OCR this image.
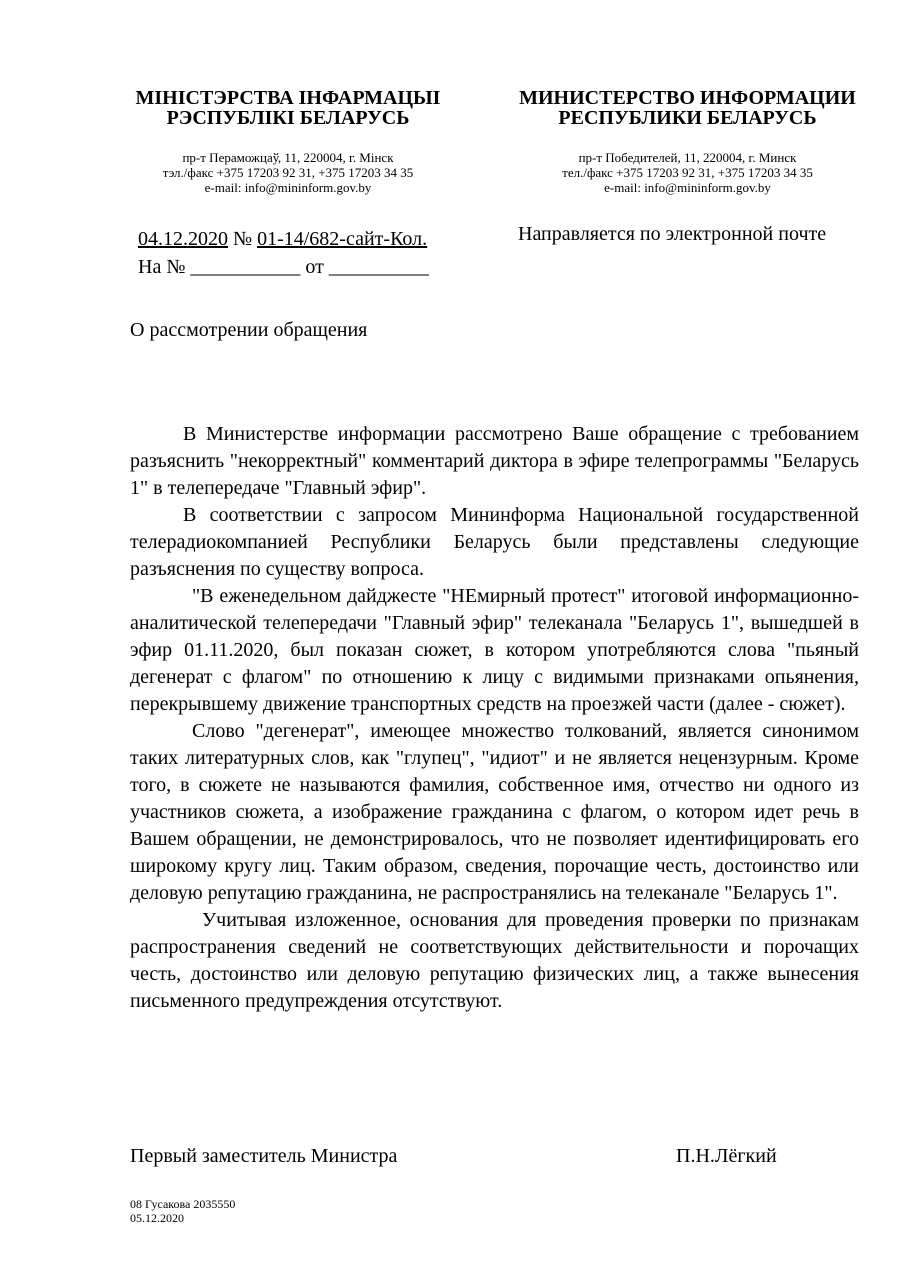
МІНІСТЭРСТВА ІНФАРМАЦЫІ
РЭСПУБЛІКІ БЕЛАРУСЬ
пр-т Пераможцаў, 11, 220004, г. Мiнск
тэл./факс +375 17203 92 31, +375 17203 34 35
e-mail: info@mininform.gov.by
МИНИСТЕРСТВО ИНФОРМАЦИИ
РЕСПУБЛИКИ БЕЛАРУСЬ
пр-т Победителей, 11, 220004, г. Минск
тел./факс +375 17203 92 31, +375 17203 34 35
e-mail: info@mininform.gov.by
04.12.2020 № 01-14/682-сайт-Кол.
На № ___________ от __________
Направляется по электронной почте
О рассмотрении обращения

В Министерстве информации рассмотрено Ваше обращение с требованием разъяснить "некорректный" комментарий диктора в эфире телепрограммы "Беларусь 1" в телепередаче "Главный эфир".

В соответствии с запросом Мининформа Национальной государственной телерадиокомпанией Республики Беларусь были представлены следующие разъяснения по существу вопроса.

"В еженедельном дайджесте "НЕмирный протест" итоговой информационно-аналитической телепередачи "Главный эфир" телеканала "Беларусь 1", вышедшей в эфир 01.11.2020, был показан сюжет, в котором употребляются слова "пьяный дегенерат с флагом" по отношению к лицу с видимыми признаками опьянения, перекрывшему движение транспортных средств на проезжей части (далее - сюжет).

Слово "дегенерат", имеющее множество толкований, является синонимом таких литературных слов, как "глупец", "идиот" и не является нецензурным. Кроме того, в сюжете не называются фамилия, собственное имя, отчество ни одного из участников сюжета, а изображение гражданина с флагом, о котором идет речь в Вашем обращении, не демонстрировалось, что не позволяет идентифицировать его широкому кругу лиц. Таким образом, сведения, порочащие честь, достоинство или деловую репутацию гражданина, не распространялись на телеканале "Беларусь 1".

Учитывая изложенное, основания для проведения проверки по признакам распространения сведений не соответствующих действительности и порочащих честь, достоинство или деловую репутацию физических лиц, а также вынесения письменного предупреждения отсутствуют.

Первый заместитель Министра	П.Н.Лёгкий
08 Гусакова 2035550
05.12.2020
